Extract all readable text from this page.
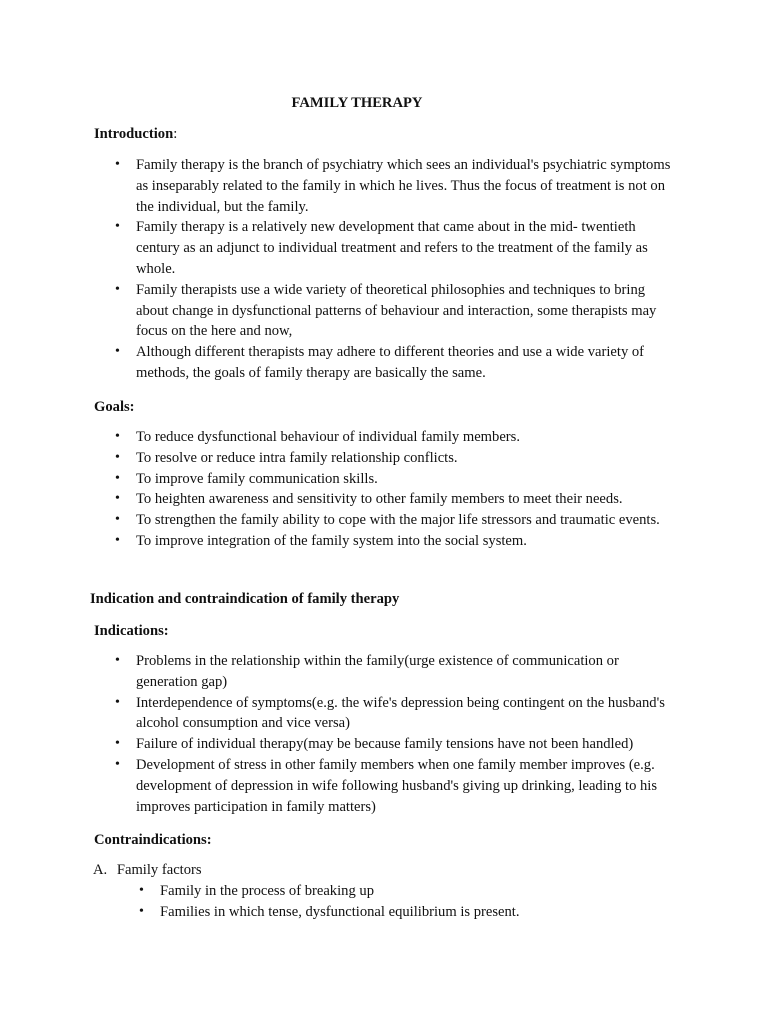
FAMILY THERAPY
Introduction:
• Family therapy is the branch of psychiatry which sees an individual's psychiatric symptoms as inseparably related to the family in which he lives. Thus the focus of treatment is not on the individual, but the family.
• Family therapy is a relatively new development that came about in the mid- twentieth century as an adjunct to individual treatment and refers to the treatment of the family as whole.
• Family therapists use a wide variety of theoretical philosophies and techniques to bring about change in dysfunctional patterns of behaviour and interaction, some therapists may focus on the here and now,
• Although different therapists may adhere to different theories and use a wide variety of methods, the goals of family therapy are basically the same.
Goals:
• To reduce dysfunctional behaviour of individual family members.
• To resolve or reduce intra family relationship conflicts.
• To improve family communication skills.
• To heighten awareness and sensitivity to other family members to meet their needs.
• To strengthen the family ability to cope with the major life stressors and traumatic events.
• To improve integration of the family system into the social system.
Indication and contraindication of family therapy
Indications:
• Problems in the relationship within the family(urge existence of communication or generation gap)
• Interdependence of symptoms(e.g. the wife's depression being contingent on the husband's alcohol consumption and vice versa)
• Failure of individual therapy(may be because family tensions have not been handled)
• Development of stress in other family members when one family member improves (e.g. development of depression in wife following husband's giving up drinking, leading to his improves participation in family matters)
Contraindications:
A. Family factors
• Family in the process of breaking up
• Families in which tense, dysfunctional equilibrium is present.
